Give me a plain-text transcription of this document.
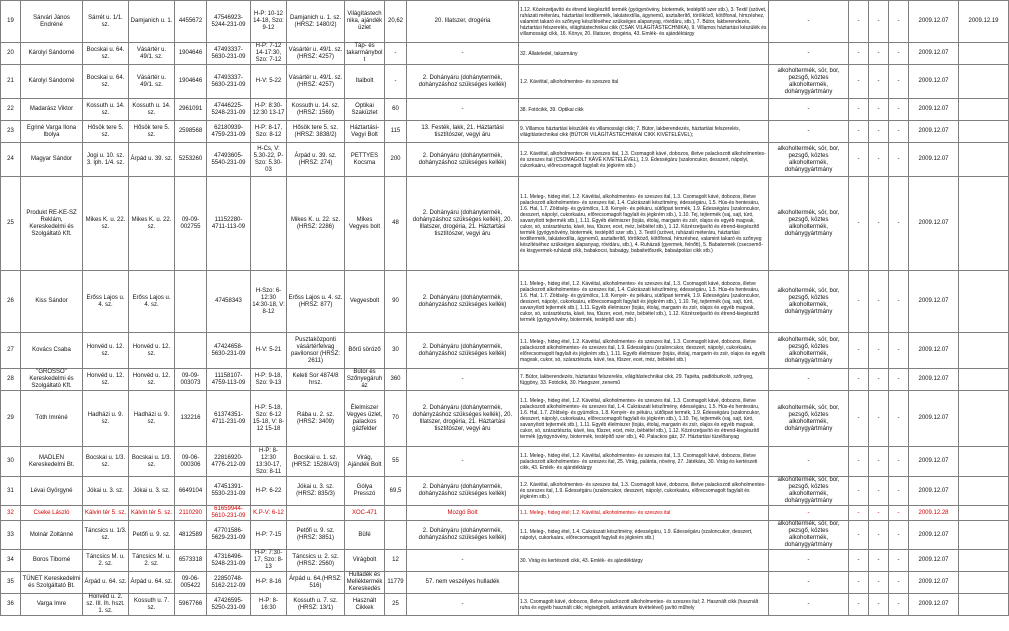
19	Sárvári János Endréné	Sárrét u. 1/1. sz.	Damjanich u. 1.	4455672	47546923-5244-231-09	H-P: 10-12 14-18, Szo: 9-12	Damjanich u. 1. sz. (HRSZ: 1480/2)	Világítástechnika, ajándék üzlet	20,62	20. Illatszer, drogéria	1.12. Közérzetjavító és étrend kiegészítő termék (gyógynövény, biotermék, testépítő szer stb.), 3. Textil (szövet, ruházati méteráru, háztartási textiltermék, lakástextília, ágynemű, asztalterítő, törölköző, kötőfonal, hímzéshez, valamint takaró és szőnyeg készítéséhez szükséges alapanyag, rövidáru, stb.), 7. Bútor, lakberendezés, háztartási felszerelés, világítástechnikai cikk (CSAK VILÁGÍTÁSTECHNIKA), 9. Villamos háztartási készülék és villamossági cikk, 16. Könyv, 20. Illatszer, drogéria, 43. Emlék- és ajándéktárgy	-	-	-	-	2009.12.07	2009.12.19
20	Károlyi Sándorné	Bocskai u. 64. sz.	Vásártér u. 49/1. sz.	1904646	47493337-5630-231-09	H-P: 7-12 14-17:30, Szo: 7-12	Vásártér u. 49/1. sz. (HRSZ: 4257)	Táp- és takarmánybolt	-	-	32. Állateledel, takarmány	-	-	-	-	2009.12.07	
21	Károlyi Sándorné	Bocskai u. 64. sz.	Vásártér u. 49/1. sz.	1904646	47493337-5630-231-09	H-V: 5-22	Vásártér u. 49/1. sz. (HRSZ: 4257)	Italbolt	-	2. Dohányáru (dohánytermék, dohányzáshoz szükséges kellék)	1.2. Kávéital, alkoholmentes- és szeszes ital	alkoholtermék, sör, bor, pezsgő, köztes alkoholtermék, dohánygyártmány	-	-	-	2009.12.07	
22	Madarász Viktor	Kossuth u. 14. sz.	Kossuth u. 14. sz.	2961091	47446225-5248-231-09	H-P: 8:30-12:30 13-17	Kossuth u. 14. sz.(HRSZ: 1569)	Optikai Szaküzlet	60	-	38. Fotócikk, 39. Optikai cikk	-	-	-	-	2009.12.07	
23	Egriné Varga Ilona Ibolya	Hősök tere 5. sz.	Hősök tere 5. sz.	2598568	62180939-4759-231-09	H-P: 8-17, Szo: 8-12	Hősök tere 5. sz.(HRSZ: 3838/2)	Háztartási-Vegyi Bolt	115	13. Festék, lakk, 21. Háztartási tisztítószer, vegyi áru	9. Villamos háztartási készülék és villamossági cikk; 7. Bútor, lakberendezés, háztartási felszerelés, világítástechnikai cikk (BÚTOR VILÁGÍTÁSTECHNIKAI CIKK KIVÉTELÉVEL);	-	-	-	-	2009.12.07	
24	Magyar Sándor	Jogi u. 10. sz. 3. lph. 1/4. sz.	Árpád u. 39. sz.	5253260	47493605-5540-231-09	H-Cs, V: 5.30-22, P-Szo: 5.30-03	Árpád u. 39. sz. (HRSZ: 274)	PETTYES Kocsma	200	2. Dohányáru (dohánytermék, dohányzáshoz szükséges kellék)	1.2. Kávéital, alkoholmentes- és szeszes ital, 1.3. Csomagolt kávé, dobozos, illetve palackozott alkoholmentes- és szeszes ital (CSOMAGOLT KÁVÉ KIVÉTELÉVEL), 1.9. Édességáru (szaloncukor, desszert, nápolyi, cukorkaáru, előrecsomagolt fagylalt és jégkrém stb.)	alkoholtermék, sör, bor, pezsgő, köztes alkoholtermék, dohánygyártmány	-	-	-	2009.12.07	
25	Produkt RE-KE-SZ Reklám, Kereskedelmi és Szolgáltató Kft.	Mikes K. u. 22. sz.	Mikes K. u. 22. sz.	09-09-002755	11152280-4711-113-09		Mikes K. u. 22. sz.(HRSZ: 2286)	Mikes Vegyes bolt	48	2. Dohányáru (dohánytermék, dohányzáshoz szükséges kellék), 20. Illatszer, drogéria, 21. Háztartási tisztítószer, vegyi áru	1.1. Meleg-, hideg étel, 1.2. Kávéital, alkoholmentes- és szeszes ital, 1.3. Csomagolt kávé, dobozos, illetve palackozott alkoholmentes- és szeszes ital, 1.4. Cukrászati készítmény, édességáru, 1.5. Hús-és hentesáru, 1.6. Hal, 1.7. Zöldség- és gyümölcs, 1.8. Kenyér- és pékáru, sütőipari termék, 1.9. Édességáru (szaloncukor, desszert, nápolyi, cukorkaáru, előrecsomagolt fagylalt és jégkrém stb.), 1.10. Tej, tejtermék (vaj, sajt, túró, savanyított tejtermék stb.), 1.11. Egyéb élelmiszer (tojás, étolaj, margarin és zsír, olajos és egyéb magvak, cukor, só, száraztészta, kávé, tea, fűszer, ecet, méz, bébiétel stb.), 1.12. Közérzetjavító és étrend-kiegészítő termék (gyógynövény, biotermék, testépítő szer stb.), 3. Textil (szövet, ruházati méteráru, háztartási textiltermék, lakástextília, ágynemű, asztalterítő, törölköző, kötőfonal, hímzéshez, valamint takaró és szőnyeg készítéséhez szükséges alapanyag, rövidáru, stb.), 4. Ruházati (gyermek, felnőtt), 5. Babatermék (csecsemő- és kisgyermek-ruházati cikk, babakocsi, babaágy, babaitetőszék, babaápolási cikk stb.)	alkoholtermék, sör, bor, pezsgő, köztes alkoholtermék, dohánygyártmány	-	-	-	2009.12.07	
26	Kiss Sándor	Erőss Lajos u. 4. sz.	Erőss Lajos u. 4. sz.		47458343	H-Szo: 6-12:30 14:30-18, V: 8-12	Erőss Lajos u. 4. sz.(HRSZ: 877)	Vegyesbolt	90	2. Dohányáru (dohánytermék, dohányzáshoz szükséges kellék)	1.1. Meleg-, hideg étel, 1.2. Kávéital, alkoholmentes- és szeszes ital, 1.3. Csomagolt kávé, dobozos, illetve palackozott alkoholmentes- és szeszes ital, 1.4. Cukrászati készítmény, édességáru, 1.5. Hús-és hentesáru, 1.6. Hal, 1.7. Zöldség- és gyümölcs, 1.8. Kenyér- és pékáru, sütőipari termék, 1.9. Édességáru (szaloncukor, desszert, nápolyi, cukorkaáru, előrecsomagolt fagylalt és jégkrém stb.), 1.10. Tej, tejtermék (vaj, sajt, túró, savanyított tejtermék stb.), 1.11. Egyéb élelmiszer (tojás, étolaj, margarin és zsír, olajos és egyéb magvak, cukor, só, száraztészta, kávé, tea, fűszer, ecet, méz, bébiétel stb.), 1.12. Közérzetjavító és étrend-kiegészítő termék (gyógynövény, biotermék, testépítő szer stb.)	alkoholtermék, sör, bor, pezsgő, köztes alkoholtermék, dohánygyártmány	-	-	-	2009.12.07	
27	Kovács Csaba	Honvéd u. 12. sz.	Honvéd u. 12. sz.		47424658-5630-231-09	H-V: 5-21	Pusztaközponti vásártérfelvag pavilonsor (HRSZ: 2611)	Bőrű söröző	30	2. Dohányáru (dohánytermék, dohányzáshoz szükséges kellék)	1.1. Meleg-, hideg étel, 1.2. Kávéital, alkoholmentes- és szeszes ital, 1.3. Csomagolt kávé, dobozos, illetve palackozott alkoholmentes- és szeszes ital, 1.9. Édességáru (szaloncukor, desszert, nápolyi, cukorkaáru, előrecsomagolt fagylalt és jégkrém stb.), 1.11. Egyéb élelmiszer (tojás, étolaj, margarin és zsír, olajos és egyéb magvak, cukor, só, száraztészta, kávé, tea, fűszer, ecet, méz, bébiétel stb.)	alkoholtermék, sör, bor, pezsgő, köztes alkoholtermék, dohánygyártmány	-	-	-	2009.12.07	
28	"GROSSO" Kereskedelmi és Szolgáltató Kft.	Honvéd u. 12. sz.	Honvéd u. 12. sz.	09-09-003073	11158107-4759-113-09	H-P: 9-18, Szo: 9-13	Keleti Sor 4874/8 hrsz.	Bútor és Szőnyegáruház	360	-	7. Bútor, lakberendezés, háztartási felszerelés, világítástechnikai cikk, 29. Tapéta, padlóburkoló, szőnyeg, függöny, 33. Fotócikk, 30. Hangszer, zenemű	-	-	-	-	2009.12.07	
29	Tóth Imréné	Hadházi u. 9. sz.	Hadházi u. 9. sz.	132216	61374351-4711-231-09	H-P: 5-18, Szo: 6-12 15-18, V: 8-12 15-18	Rába u. 2. sz. (HRSZ: 3409)	Élelmiszer Vegyes üzlet, palackos gázfelder	70	2. Dohányáru (dohánytermék, dohányzáshoz szükséges kellék), 20. Illatszer, drogéria, 21. Háztartási tisztítószer, vegyi áru	1.1. Meleg-, hideg étel, 1.2. Kávéital, alkoholmentes- és szeszes ital, 1.3. Csomagolt kávé, dobozos, illetve palackozott alkoholmentes- és szeszes ital, 1.4. Cukrászati készítmény, édességáru, 1.5. Hús-és hentesáru, 1.6. Hal, 1.7. Zöldség- és gyümölcs, 1.8. Kenyér- és pékáru, sütőipari termék, 1.9. Édességáru (szaloncukor, desszert, nápolyi, cukorkaáru, előrecsomagolt fagylalt és jégkrém stb.), 1.10. Tej, tejtermék (vaj, sajt, túró, savanyított tejtermék stb.), 1.11. Egyéb élelmiszer (tojás, étolaj, margarin és zsír, olajos és egyéb magvak, cukor, só, száraztészta, kávé, tea, fűszer, ecet, méz, bébiétel stb.), 1.12. Közérzetjavító és étrend-kiegészítő termék (gyógynövény, biotermék, testépítő szer stb.), 40. Palackos gáz, 37. Háztartási tüzelőanyag	alkoholtermék, sör, bor, pezsgő, köztes alkoholtermék, dohánygyártmány	-	-	-	2009.12.07	
30	MADLEN Kereskedelmi Bt.	Bocskai u. 1/3. sz.	Bocskai u. 1/3. sz.	09-06-000306	22816920-4776-212-09	H-P: 8-12:30 13:30-17, Szo: 8-11	Bocskai u. 1. sz. (HRSZ: 1528/A/3)	Virág, Ajándék Bolt	55	-	1.1. Meleg-, hideg étel, 1.2. Kávéital, alkoholmentes- és szeszes ital, 1.3. Csomagolt kávé, dobozos, illetve palackozott alkoholmentes- és szeszes ital, 25. Virág, palánta, növény, 27. Játékáru, 30. Virág és kertészeti cikk, 43. Emlék- és ajándéktárgy	-	-	-	-	2009.12.07	
31	Lévai Györgyné	Jókai u. 3. sz.	Jókai u. 3. sz.	6649104	47451391-5530-231-09	H-P: 6-22	Jókai u. 3. sz. (HRSZ: 835/3)	Gólya Presszó	69,5	2. Dohányáru (dohánytermék, dohányzáshoz szükséges kellék)	1.2. Kávéital, alkoholmentes- és szeszes ital, 1.3. Csomagolt kávé, dobozos, illetve palackozott alkoholmentes- és szeszes ital, 1.9. Édességáru (szaloncukor, desszert, nápolyi, cukorkaáru, előrecsomagolt fagylalt és jégkrém stb.)	alkoholtermék, sör, bor, pezsgő, köztes alkoholtermék, dohánygyártmány	-	-	-	2009.12.07	
32	Cseke László	Kálvin tér 5. sz.	Kálvin tér 5. sz.	2110290	61659944-5610-231-09	K.P-V: 6-12		XOC-471		Mozgó Bolt	1.1. Meleg-, hideg étel; 1.2. Kávéital, alkoholmentes- és szeszes ital	-	-	-	-	2009.12.28	
33	Molnár Zoltánné	Táncsics u. 1/3. sz.	Petőfi u. 9. sz.	4812589	47701586-5629-231-09	H-P: 7-15	Petőfi u. 9. sz. (HRSZ: 3851)	Büfé		2. Dohányáru (dohánytermék, dohányzáshoz szükséges kellék)	1.1. Meleg-, hideg étel, 1.4. Cukrászati készítmény, édességáru, 1.9. Édességáru (szaloncukor, desszert, nápolyi, cukorkaáru, előrecsomagolt fagylalt és jégkrém stb.)	alkoholtermék, sör, bor, pezsgő, köztes alkoholtermék, dohánygyártmány	-	-	-	2009.12.07	
34	Boros Tiborné	Táncsics M. u. 2. sz.	Táncsics M. u. 2. sz.	6573318	47316496-5248-231-09	H-P: 7:30-17, Szo: 8-13	Táncsics u. 2. sz. (HRSZ: 2560)	Virágbolt	12	-	30. Virág és kertészeti cikk, 43. Emlék- és ajándéktárgy	-	-	-	-	2009.12.07	
35	TÜNET Kereskedelmi és Szolgáltató Bt.	Árpád u. 64. sz.	Árpád u. 64. sz.	09-06-005422	22850748-5162-212-09	H-P: 8-16	Árpád u. 64.(HRSZ: 516)	Hulladék és Melléktermék Kereskedés	11779	57. nem veszélyes hulladék		-	-	-	-	2009.12.07	
36	Varga Imre	Honvéd u. 2. sz. III. lh. hszt. 1. sz.	Kossuth u. 7. sz.	5967766	47426595-5250-231-09	H-P: 8-16:30	Kossuth u. 7. sz. (HRSZ: 13/1)	Használt Cikkek	25	-	1.3. Csomagolt kávé, dobozos, illetve palackozott alkoholmentes- és szeszes ital; 2. Használt cikk (használt ruha és egyéb használt cikk; régiségbolt, antikvárium kivételével) javító műhely	-	-	-	-	2009.12.07	
